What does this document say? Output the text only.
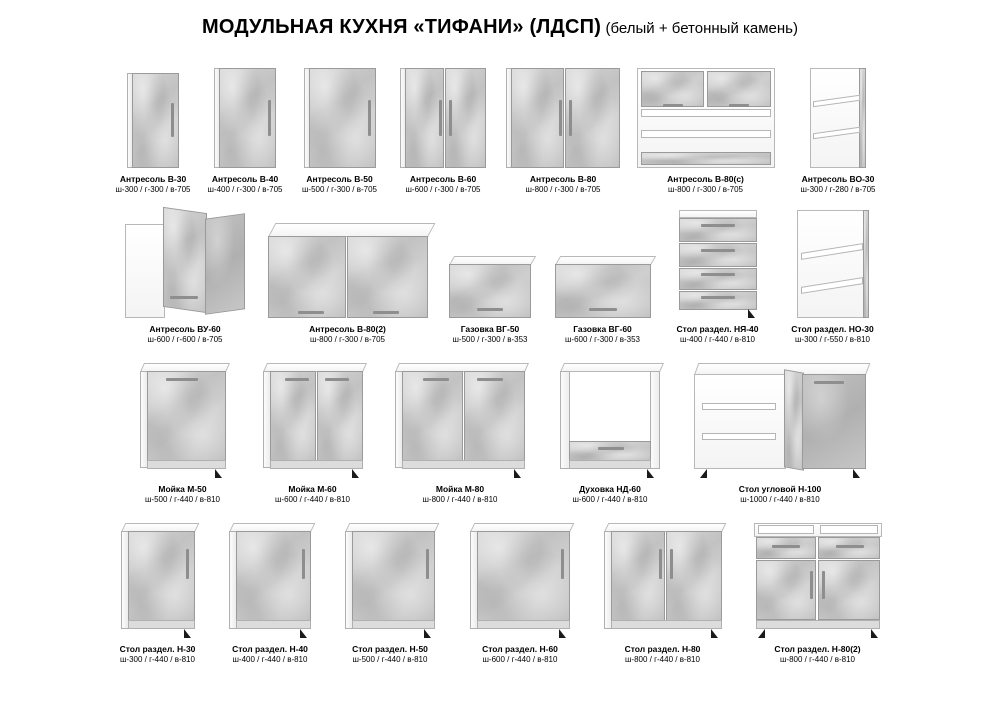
МОДУЛЬНАЯ КУХНЯ «ТИФАНИ» (ЛДСП) (белый + бетонный камень)
Антресоль В-30
ш-300 / г-300 / в-705
Антресоль В-40
ш-400 / г-300 / в-705
Антресоль В-50
ш-500 / г-300 / в-705
Антресоль В-60
ш-600 / г-300 / в-705
Антресоль В-80
ш-800 / г-300 / в-705
Антресоль В-80(с)
ш-800 / г-300 / в-705
Антресоль ВО-30
ш-300 / г-280 / в-705
Антресоль ВУ-60
ш-600 / г-600 / в-705
Антресоль В-80(2)
ш-800 / г-300 / в-705
Газовка ВГ-50
ш-500 / г-300 / в-353
Газовка ВГ-60
ш-600 / г-300 / в-353
Стол раздел. НЯ-40
ш-400 / г-440 / в-810
Стол раздел. НО-30
ш-300 / г-550 / в-810
Мойка М-50
ш-500 / г-440 / в-810
Мойка М-60
ш-600 / г-440 / в-810
Мойка М-80
ш-800 / г-440 / в-810
Духовка НД-60
ш-600 / г-440 / в-810
Стол угловой Н-100
ш-1000 / г-440 / в-810
Стол раздел. Н-30
ш-300 / г-440 / в-810
Стол раздел. Н-40
ш-400 / г-440 / в-810
Стол раздел. Н-50
ш-500 / г-440 / в-810
Стол раздел. Н-60
ш-600 / г-440 / в-810
Стол раздел. Н-80
ш-800 / г-440 / в-810
Стол раздел. Н-80(2)
ш-800 / г-440 / в-810
